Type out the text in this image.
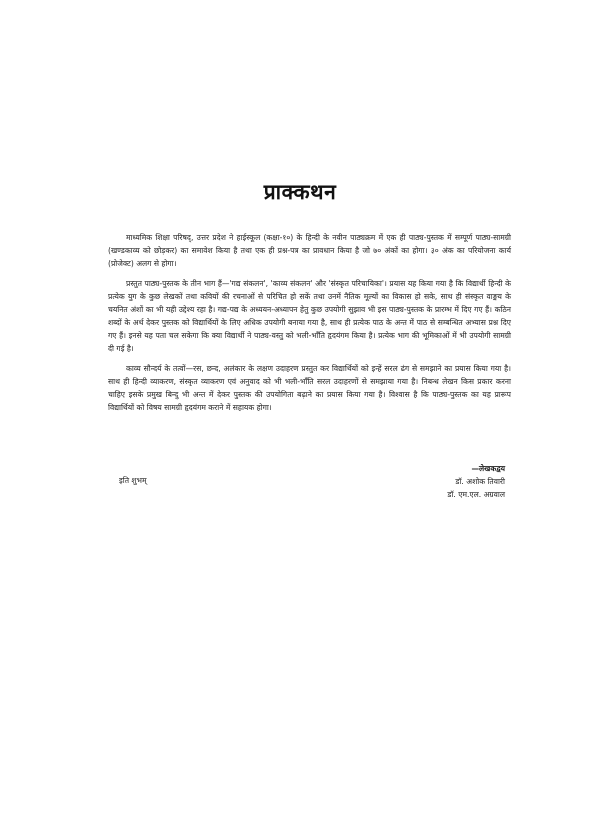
प्राक्कथन

माध्यमिक शिक्षा परिषद्, उत्तर प्रदेश ने हाईस्कूल (कक्षा-१०) के हिन्दी के नवीन पाठ्यक्रम में एक ही पाठ्य-पुस्तक में सम्पूर्ण पाठ्य-सामग्री (खण्डकाव्य को छोड़कर) का समावेश किया है तथा एक ही प्रश्न-पत्र का प्रावधान किया है जो ७० अंकों का होगा। ३० अंक का परियोजना कार्य (प्रोजेक्ट) अलग से होगा।

प्रस्तुत पाठ्य-पुस्तक के तीन भाग हैं—'गद्य संकलन', 'काव्य संकलन' और 'संस्कृत परिचायिका'। प्रयास यह किया गया है कि विद्यार्थी हिन्दी के प्रत्येक युग के कुछ लेखकों तथा कवियों की रचनाओं से परिचित हो सकें तथा उनमें नैतिक मूल्यों का विकास हो सके, साथ ही संस्कृत वाङ्मय के चयनित अंशों का भी यही उद्देश्य रहा है। गद्य-पद्य के अध्ययन-अध्यापन हेतु कुछ उपयोगी सुझाव भी इस पाठ्य-पुस्तक के प्रारम्भ में दिए गए हैं। कठिन शब्दों के अर्थ देकर पुस्तक को विद्यार्थियों के लिए अधिक उपयोगी बनाया गया है, साथ ही प्रत्येक पाठ के अन्त में पाठ से सम्बन्धित अभ्यास प्रश्न दिए गए हैं। इनसे यह पता चल सकेगा कि क्या विद्यार्थी ने पाठ्य-वस्तु को भली-भाँति हृदयंगम किया है। प्रत्येक भाग की भूमिकाओं में भी उपयोगी सामग्री दी गई है।

काव्य सौन्दर्य के तत्वों—रस, छन्द, अलंकार के लक्षण उदाहरण प्रस्तुत कर विद्यार्थियों को इन्हें सरल ढंग से समझाने का प्रयास किया गया है। साथ ही हिन्दी व्याकरण, संस्कृत व्याकरण एवं अनुवाद को भी भली-भाँति सरल उदाहरणों से समझाया गया है। निबन्ध लेखन किस प्रकार करना चाहिए इसके प्रमुख बिन्दु भी अन्त में देकर पुस्तक की उपयोगिता बढ़ाने का प्रयास किया गया है। विश्वास है कि पाठ्य-पुस्तक का यह प्रारूप विद्यार्थियों को विषय सामग्री हृदयंगम कराने में सहायक होगा।

इति शुभम्
—लेखकद्वय
डॉ. अशोक तिवारी
डॉ. एम.एल. अग्रवाल
